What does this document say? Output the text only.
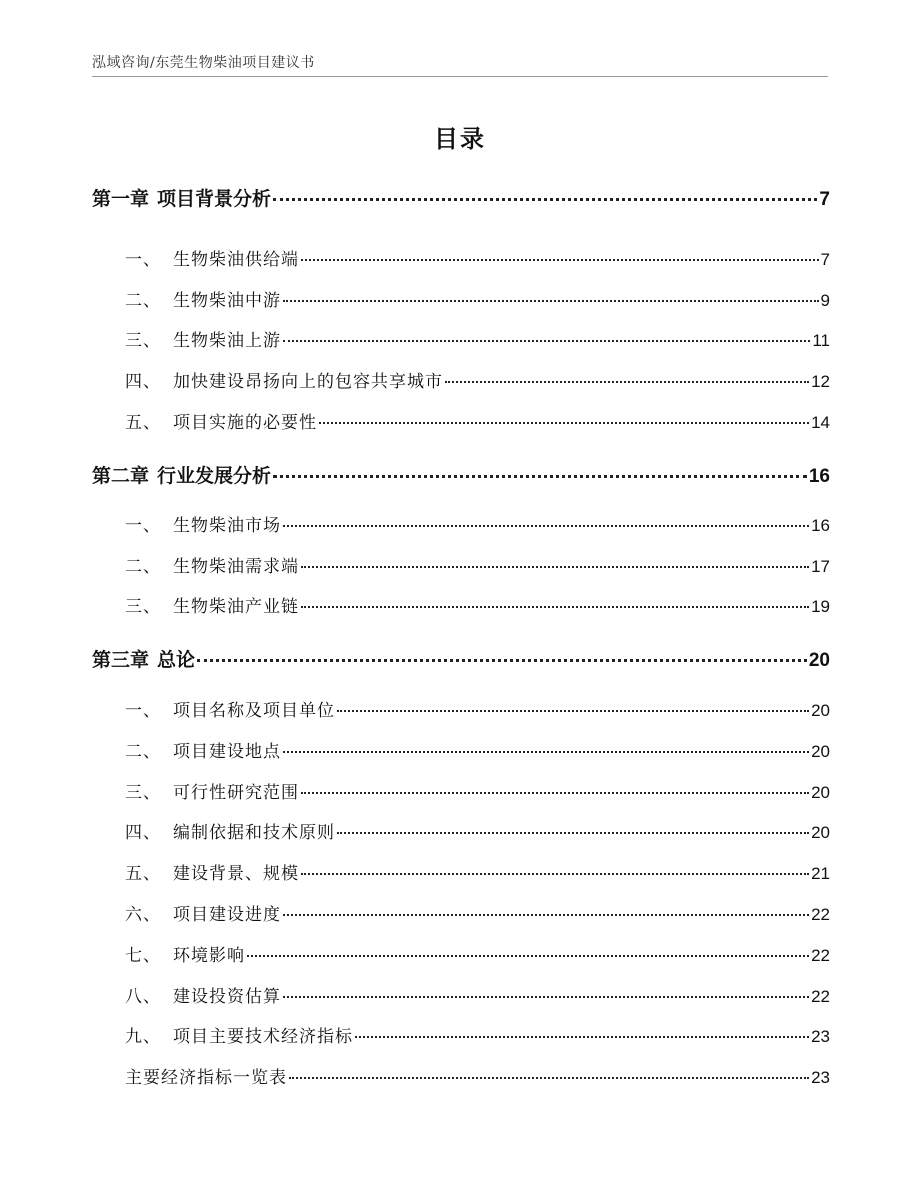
泓域咨询/东莞生物柴油项目建议书
目录
第一章 项目背景分析	7
一、 生物柴油供给端	7
二、 生物柴油中游	9
三、 生物柴油上游	11
四、 加快建设昂扬向上的包容共享城市	12
五、 项目实施的必要性	14
第二章 行业发展分析	16
一、 生物柴油市场	16
二、 生物柴油需求端	17
三、 生物柴油产业链	19
第三章 总论	20
一、 项目名称及项目单位	20
二、 项目建设地点	20
三、 可行性研究范围	20
四、 编制依据和技术原则	20
五、 建设背景、规模	21
六、 项目建设进度	22
七、 环境影响	22
八、 建设投资估算	22
九、 项目主要技术经济指标	23
主要经济指标一览表	23
